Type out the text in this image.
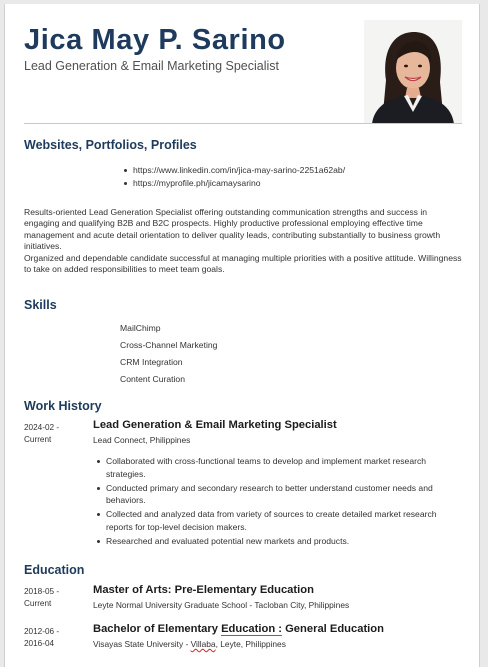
Jica May P. Sarino
Lead Generation & Email Marketing Specialist
Websites, Portfolios, Profiles
https://www.linkedin.com/in/jica-may-sarino-2251a62ab/
https://myprofile.ph/jicamaysarino

Results-oriented Lead Generation Specialist offering outstanding communication strengths and success in engaging and qualifying B2B and B2C prospects. Highly productive professional employing effective time management and acute detail orientation to deliver quality leads, contributing substantially to business growth initiatives.

Organized and dependable candidate successful at managing multiple priorities with a positive attitude. Willingness to take on added responsibilities to meet team goals.

Skills
MailChimp
Cross-Channel Marketing
CRM Integration
Content Curation
Work History
2024-02 -
Current
Lead Generation & Email Marketing Specialist
Lead Connect, Philippines
Collaborated with cross-functional teams to develop and implement market research strategies.
Conducted primary and secondary research to better understand customer needs and behaviors.
Collected and analyzed data from variety of sources to create detailed market research reports for top-level decision makers.
Researched and evaluated potential new markets and products.
Education
2018-05 -
Current
Master of Arts: Pre-Elementary Education
Leyte Normal University Graduate School - Tacloban City, Philippines
2012-06 -
2016-04
Bachelor of Elementary Education : General Education
Visayas State University - Villaba, Leyte, Philippines
